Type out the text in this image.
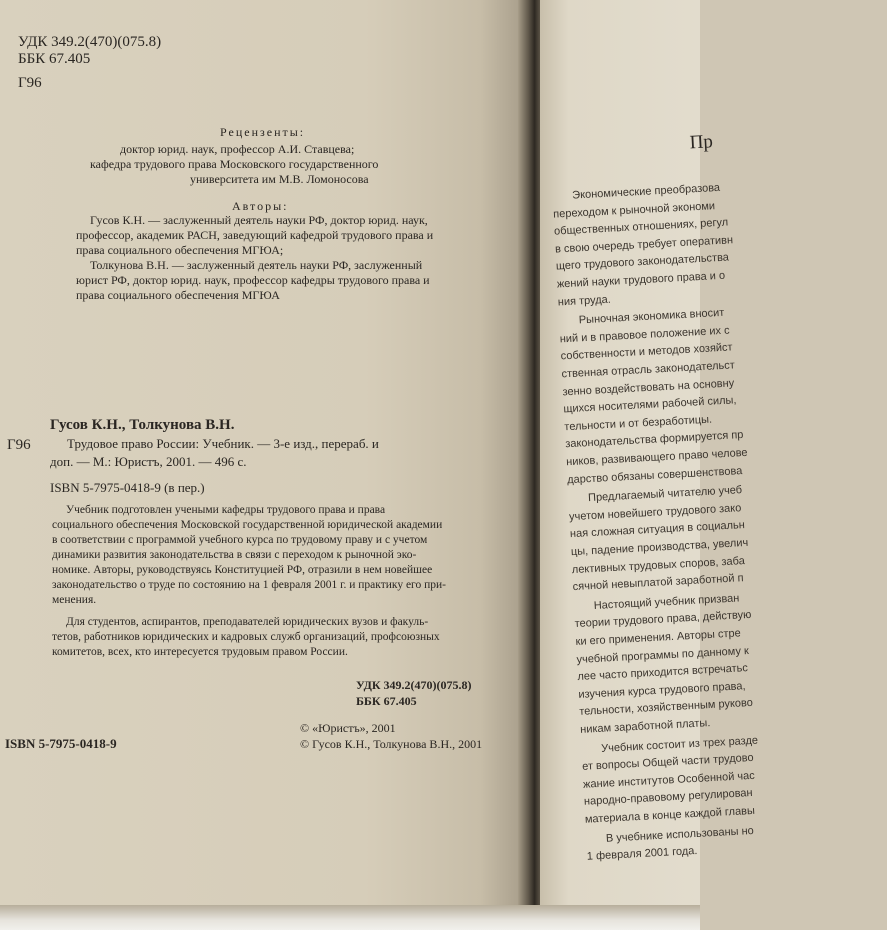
УДК 349.2(470)(075.8)
ББК 67.405
Г96
Рецензенты:
доктор юрид. наук, профессор А.И. Ставцева;
кафедра трудового права Московского государственного
университета им М.В. Ломоносова
Авторы:
Гусов К.Н. — заслуженный деятель науки РФ, доктор юрид. наук,
профессор, академик РАСН, заведующий кафедрой трудового права и
права социального обеспечения МГЮА;
Толкунова В.Н. — заслуженный деятель науки РФ, заслуженный
юрист РФ, доктор юрид. наук, профессор кафедры трудового права и
права социального обеспечения МГЮА
Гусов К.Н., Толкунова В.Н.
Г96	Трудовое право России: Учебник. — 3-е изд., перераб. и
доп. — М.: Юристъ, 2001. — 496 с.
ISBN 5-7975-0418-9 (в пер.)
Учебник подготовлен учеными кафедры трудового права и права
социального обеспечения Московской государственной юридической академии
в соответствии с программой учебного курса по трудовому праву и с учетом
динамики развития законодательства в связи с переходом к рыночной эко-
номике. Авторы, руководствуясь Конституцией РФ, отразили в нем новейшее
законодательство о труде по состоянию на 1 февраля 2001 г. и практику его при-
менения.
Для студентов, аспирантов, преподавателей юридических вузов и факуль-
тетов, работников юридических и кадровых служб организаций, профсоюзных
комитетов, всех, кто интересуется трудовым правом России.
УДК 349.2(470)(075.8)
ББК 67.405
ISBN 5-7975-0418-9
© «Юристъ», 2001
© Гусов К.Н., Толкунова В.Н., 2001
Пр
Экономические преобразова
переходом к рыночной экономи
общественных отношениях, регул
в свою очередь требует оперативн
щего трудового законодательства
жений науки трудового права и о
ния труда.
Рыночная экономика вносит
ний и в правовое положение их с
собственности и методов хозяйст
ственная отрасль законодательст
зенно воздействовать на основну
щихся носителями рабочей силы,
тельности и от безработицы.
законодательства формируется пр
ников, развивающего право челове
дарство обязаны совершенствова
Предлагаемый читателю учеб
учетом новейшего трудового зако
ная сложная ситуация в социальн
цы, падение производства, увелич
лективных трудовых споров, заба
сячной невыплатой заработной п
Настоящий учебник призван
теории трудового права, действую
ки его применения. Авторы стре
учебной программы по данному к
лее часто приходится встречатьс
изучения курса трудового права,
тельности, хозяйственным руково
никам заработной платы.
Учебник состоит из трех разде
ет вопросы Общей части трудово
жание институтов Особенной час
народно-правовому регулирован
материала в конце каждой главы
В учебнике использованы но
1 февраля 2001 года.
